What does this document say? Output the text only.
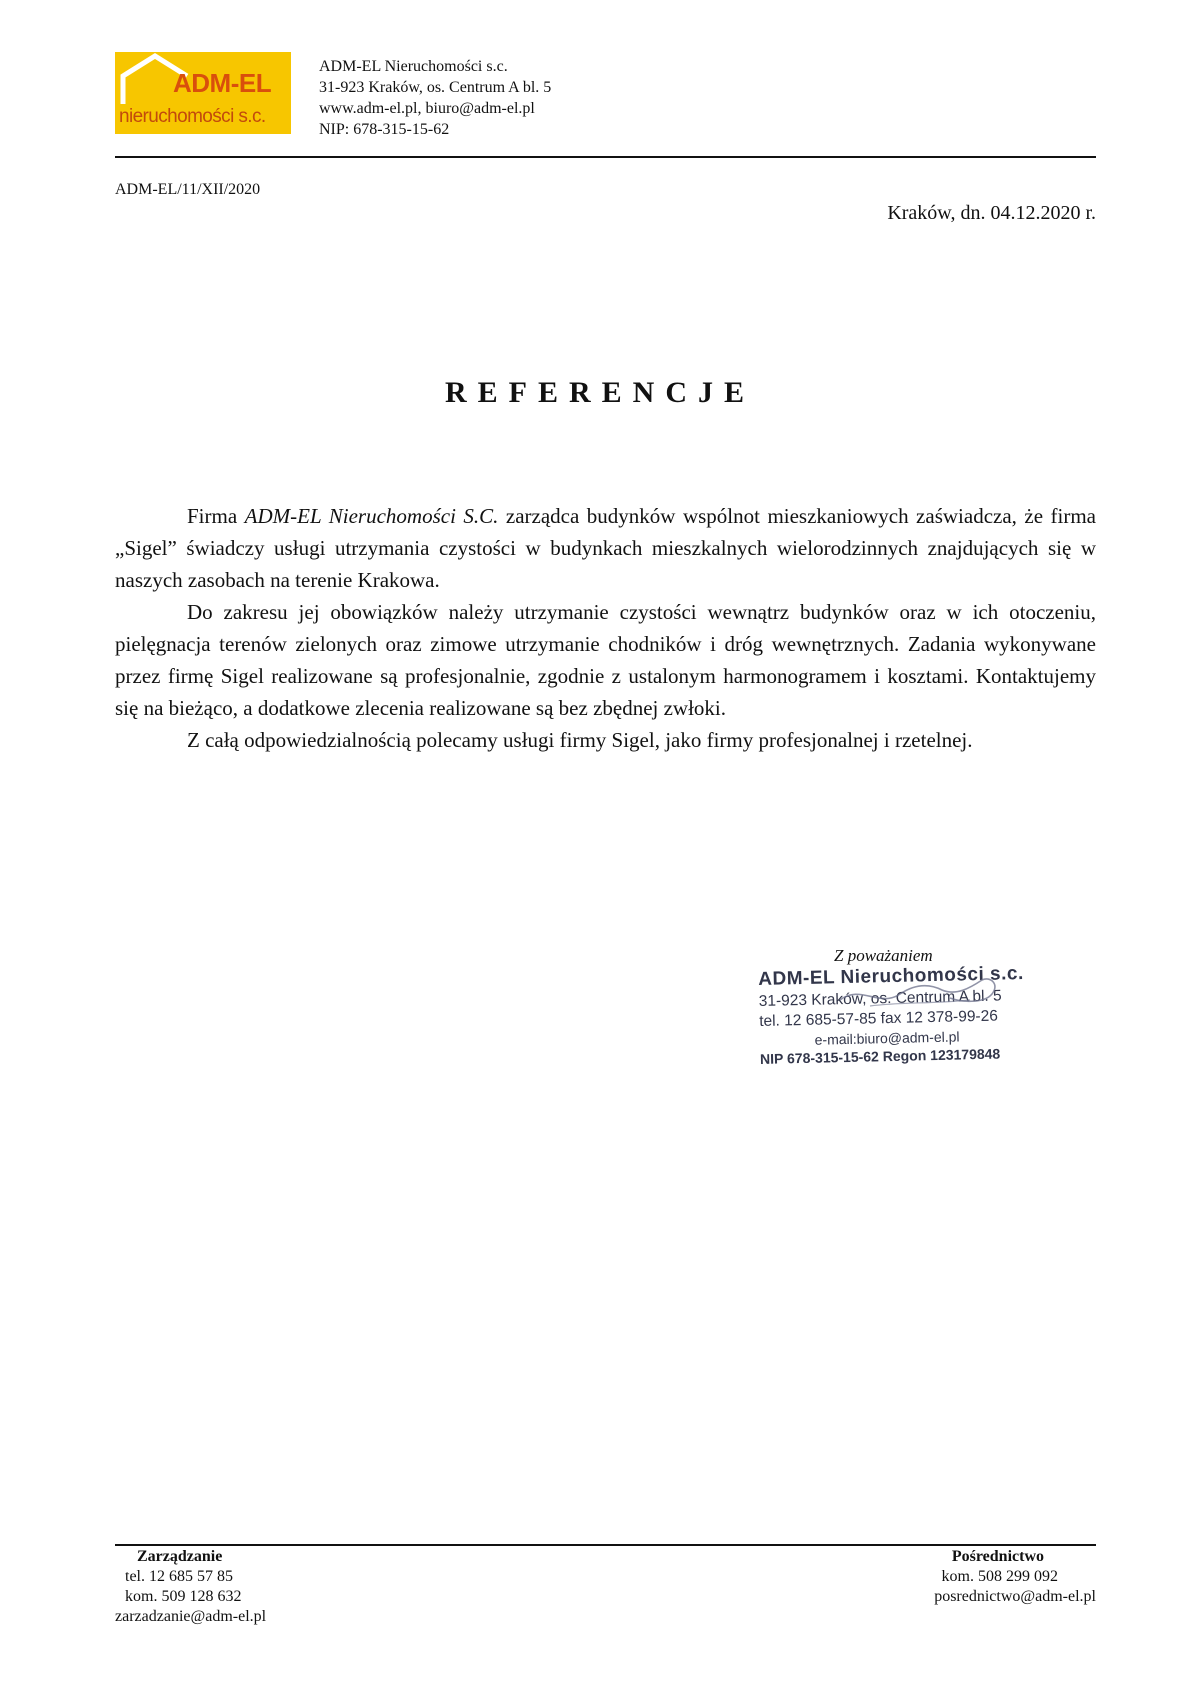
ADM-EL
nieruchomości s.c.
ADM-EL Nieruchomości s.c.
31-923 Kraków, os. Centrum A bl. 5
www.adm-el.pl, biuro@adm-el.pl
NIP: 678-315-15-62
ADM-EL/11/XII/2020
Kraków, dn. 04.12.2020 r.
REFERENCJE

Firma ADM-EL Nieruchomości S.C. zarządca budynków wspólnot mieszkaniowych zaświadcza, że firma „Sigel” świadczy usługi utrzymania czystości w budynkach mieszkalnych wielorodzinnych znajdujących się w naszych zasobach na terenie Krakowa.

Do zakresu jej obowiązków należy utrzymanie czystości wewnątrz budynków oraz w ich otoczeniu, pielęgnacja terenów zielonych oraz zimowe utrzymanie chodników i dróg wewnętrznych. Zadania wykonywane przez firmę Sigel realizowane są profesjonalnie, zgodnie z ustalonym harmonogramem i kosztami. Kontaktujemy się na bieżąco, a dodatkowe zlecenia realizowane są bez zbędnej zwłoki.

Z całą odpowiedzialnością polecamy usługi firmy Sigel, jako firmy profesjonalnej i rzetelnej.

Z poważaniem
ADM-EL Nieruchomości s.c.
31-923 Kraków, os. Centrum A bl. 5
tel. 12 685-57-85 fax 12 378-99-26
e-mail:biuro@adm-el.pl
NIP 678-315-15-62 Regon 123179848
Zarządzanie
tel. 12 685 57 85
kom. 509 128 632
zarzadzanie@adm-el.pl
Pośrednictwo
kom. 508 299 092
posrednictwo@adm-el.pl
